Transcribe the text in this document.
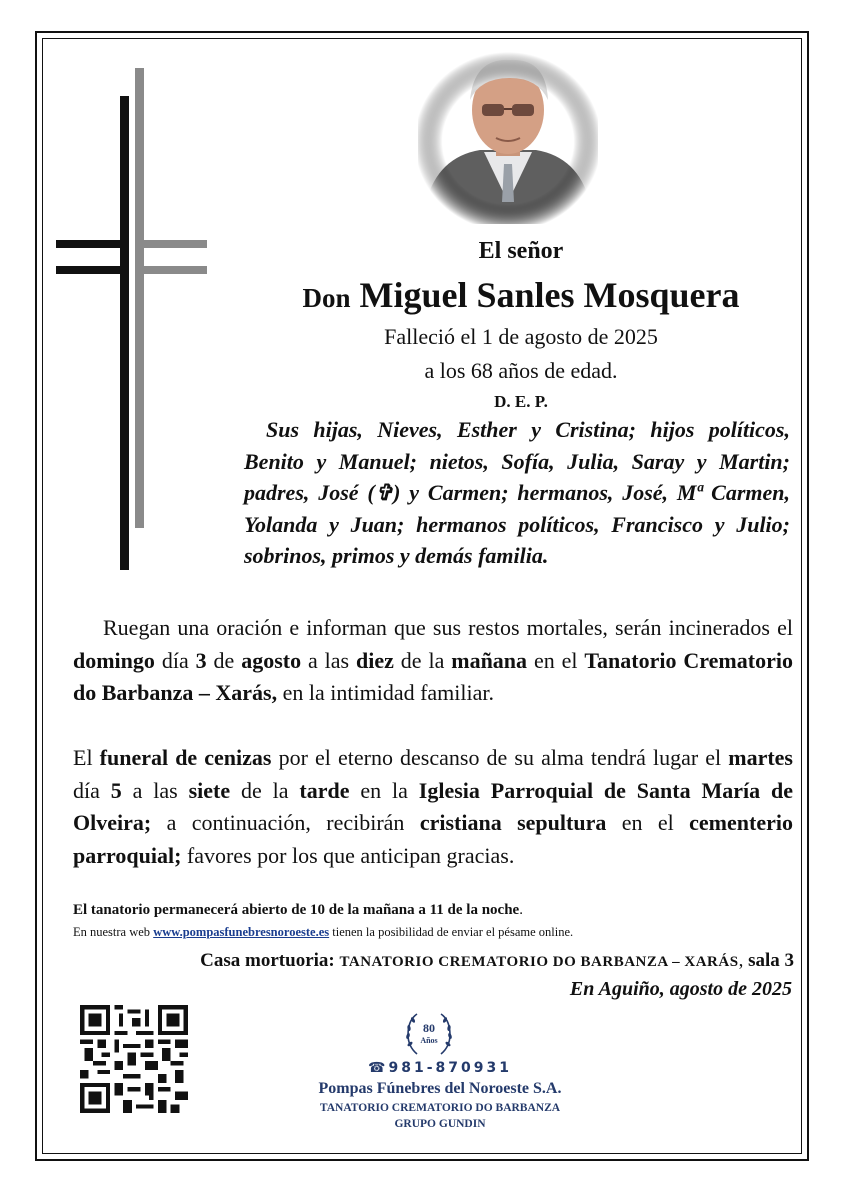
El señor
Don Miguel Sanles Mosquera
Falleció el 1 de agosto de 2025
a los 68 años de edad.
D. E. P.
Sus hijas, Nieves, Esther y Cristina; hijos políticos, Benito y Manuel; nietos, Sofía, Julia, Saray y Martin; padres, José (✞) y Carmen; hermanos, José, Mª Carmen, Yolanda y Juan; hermanos políticos, Francisco y Julio; sobrinos, primos y demás familia.
Ruegan una oración e informan que sus restos mortales, serán incinerados el domingo día 3 de agosto a las diez de la mañana en el Tanatorio Crematorio do Barbanza – Xarás, en la intimidad familiar.
El funeral de cenizas por el eterno descanso de su alma tendrá lugar el martes día 5 a las siete de la tarde en la Iglesia Parroquial de Santa María de Olveira; a continuación, recibirán cristiana sepultura en el cementerio parroquial; favores por los que anticipan gracias.
El tanatorio permanecerá abierto de 10 de la mañana a 11 de la noche.
En nuestra web www.pompasfunebresnoroeste.es tienen la posibilidad de enviar el pésame online.
Casa mortuoria: TANATORIO CREMATORIO DO BARBANZA – XARÁS, sala 3
En Aguiño, agosto de 2025
80
Años
☎981-870931
Pompas Fúnebres del Noroeste S.A.
TANATORIO CREMATORIO DO BARBANZA
GRUPO GUNDIN
